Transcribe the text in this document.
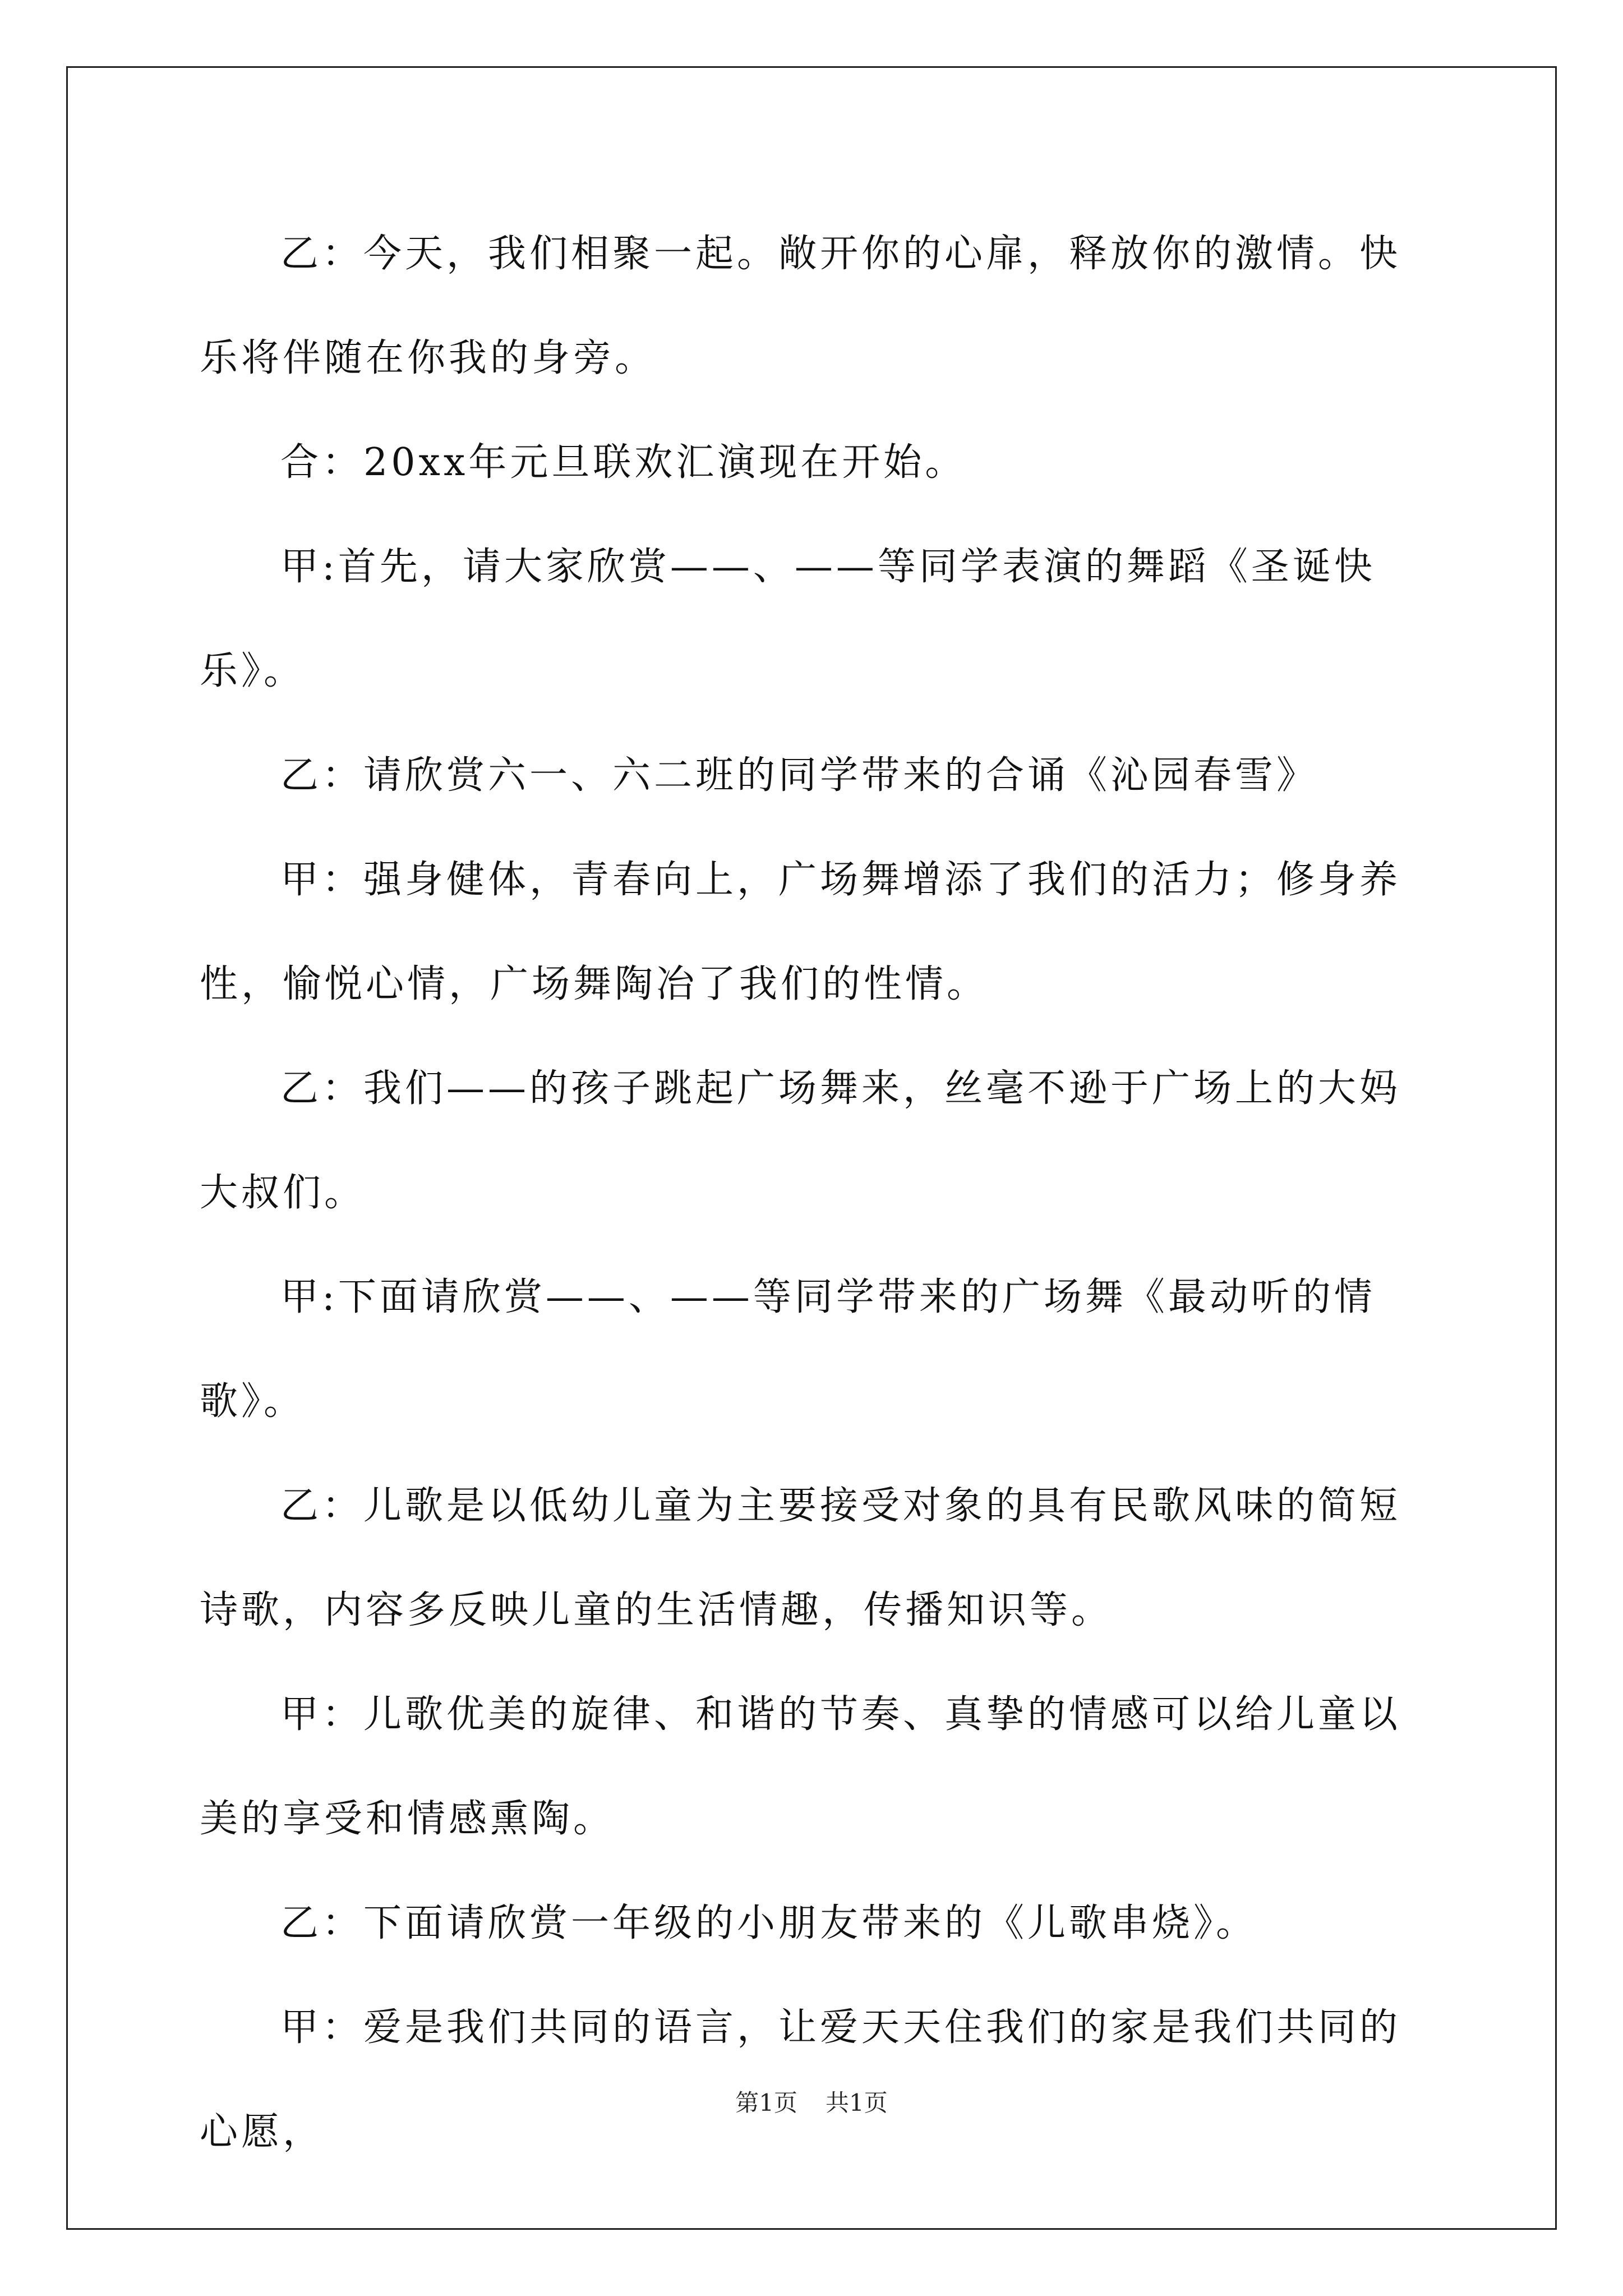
乙：今天，我们相聚一起。敞开你的心扉，释放你的激情。快乐将伴随在你我的身旁。

合：20xx年元旦联欢汇演现在开始。

甲:首先，请大家欣赏——、——等同学表演的舞蹈《圣诞快乐》。

乙：请欣赏六一、六二班的同学带来的合诵《沁园春雪》

甲：强身健体，青春向上，广场舞增添了我们的活力；修身养性，愉悦心情，广场舞陶冶了我们的性情。

乙：我们——的孩子跳起广场舞来，丝毫不逊于广场上的大妈大叔们。

甲:下面请欣赏——、——等同学带来的广场舞《最动听的情歌》。

乙：儿歌是以低幼儿童为主要接受对象的具有民歌风味的简短诗歌，内容多反映儿童的生活情趣，传播知识等。

甲：儿歌优美的旋律、和谐的节奏、真挚的情感可以给儿童以美的享受和情感熏陶。

乙：下面请欣赏一年级的小朋友带来的《儿歌串烧》。

甲：爱是我们共同的语言，让爱天天住我们的家是我们共同的心愿，

第1页 共1页
